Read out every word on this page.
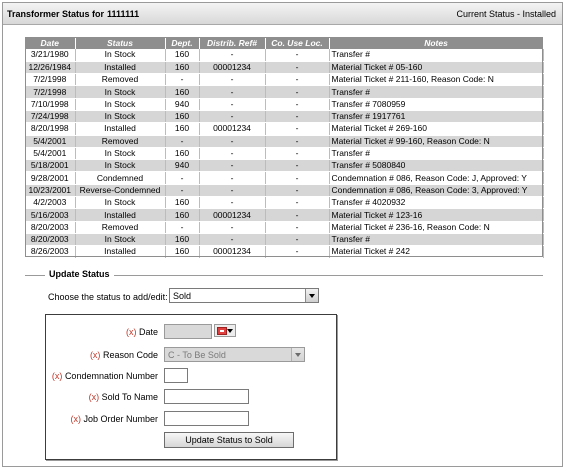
Transformer Status for 1111111	Current Status - Installed
Date	Status	Dept.	Distrib. Ref#	Co. Use Loc.	Notes
3/21/1980	In Stock	160	-	-	Transfer #
12/26/1984	Installed	160	00001234	-	Material Ticket # 05-160
7/2/1998	Removed	-	-	-	Material Ticket # 211-160, Reason Code: N
7/2/1998	In Stock	160	-	-	Transfer #
7/10/1998	In Stock	940	-	-	Transfer # 7080959
7/24/1998	In Stock	160	-	-	Transfer # 1917761
8/20/1998	Installed	160	00001234	-	Material Ticket # 269-160
5/4/2001	Removed	-	-	-	Material Ticket # 99-160, Reason Code: N
5/4/2001	In Stock	160	-	-	Transfer #
5/18/2001	In Stock	940	-	-	Transfer # 5080840
9/28/2001	Condemned	-	-	-	Condemnation # 086, Reason Code: J, Approved: Y
10/23/2001	Reverse-Condemned	-	-	-	Condemnation # 086, Reason Code: 3, Approved: Y
4/2/2003	In Stock	160	-	-	Transfer # 4020932
5/16/2003	Installed	160	00001234	-	Material Ticket # 123-16
8/20/2003	Removed	-	-	-	Material Ticket # 236-16, Reason Code: N
8/20/2003	In Stock	160	-	-	Transfer #
8/26/2003	Installed	160	00001234	-	Material Ticket # 242
Update Status
Choose the status to add/edit: Sold
(x) Date
(x) Reason Code C - To Be Sold
(x) Condemnation Number
(x) Sold To Name
(x) Job Order Number
Update Status to Sold
